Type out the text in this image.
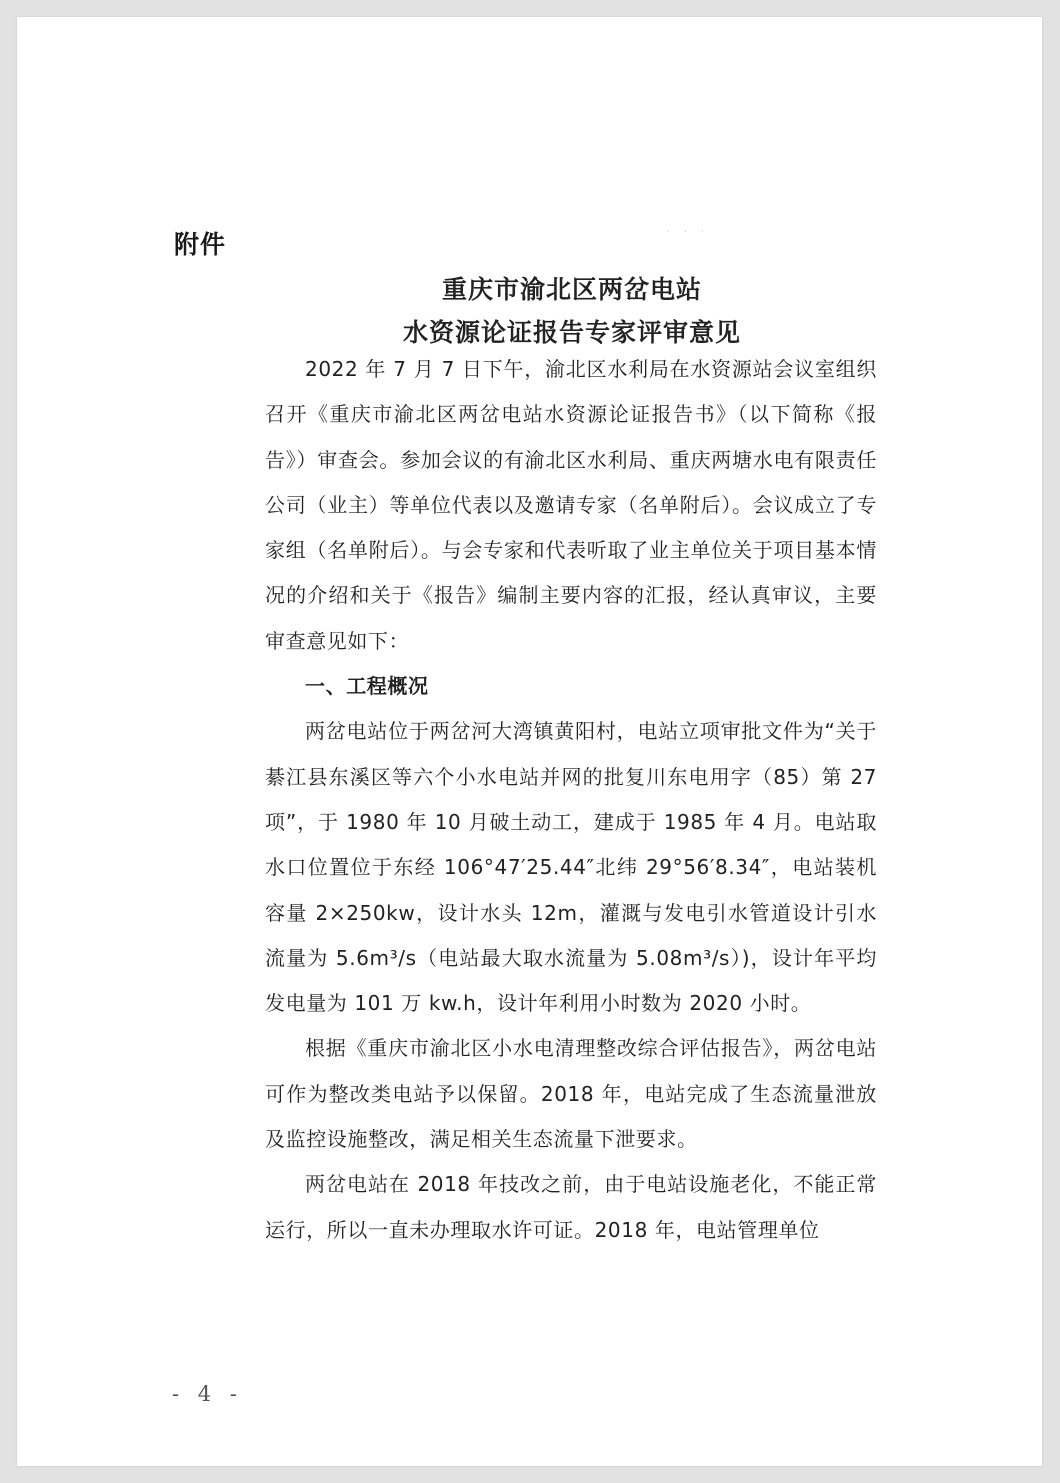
· · ·
附件
重庆市渝北区两岔电站
水资源论证报告专家评审意见

2022 年 7 月 7 日下午，渝北区水利局在水资源站会议室组织召开《重庆市渝北区两岔电站水资源论证报告书》（以下简称《报告》）审查会。参加会议的有渝北区水利局、重庆两塘水电有限责任公司（业主）等单位代表以及邀请专家（名单附后）。会议成立了专家组（名单附后）。与会专家和代表听取了业主单位关于项目基本情况的介绍和关于《报告》编制主要内容的汇报，经认真审议，主要审查意见如下：

一、工程概况

两岔电站位于两岔河大湾镇黄阳村，电站立项审批文件为“关于綦江县东溪区等六个小水电站并网的批复川东电用字（85）第 27 项”，于 1980 年 10 月破土动工，建成于 1985 年 4 月。电站取水口位置位于东经 106°47′25.44″北纬 29°56′8.34″，电站装机容量 2×250kw，设计水头 12m，灌溉与发电引水管道设计引水流量为 5.6m³/s（电站最大取水流量为 5.08m³/s）)，设计年平均发电量为 101 万 kw.h，设计年利用小时数为 2020 小时。

根据《重庆市渝北区小水电清理整改综合评估报告》，两岔电站可作为整改类电站予以保留。2018 年，电站完成了生态流量泄放及监控设施整改，满足相关生态流量下泄要求。

两岔电站在 2018 年技改之前，由于电站设施老化，不能正常运行，所以一直未办理取水许可证。2018 年，电站管理单位

- 4 -
